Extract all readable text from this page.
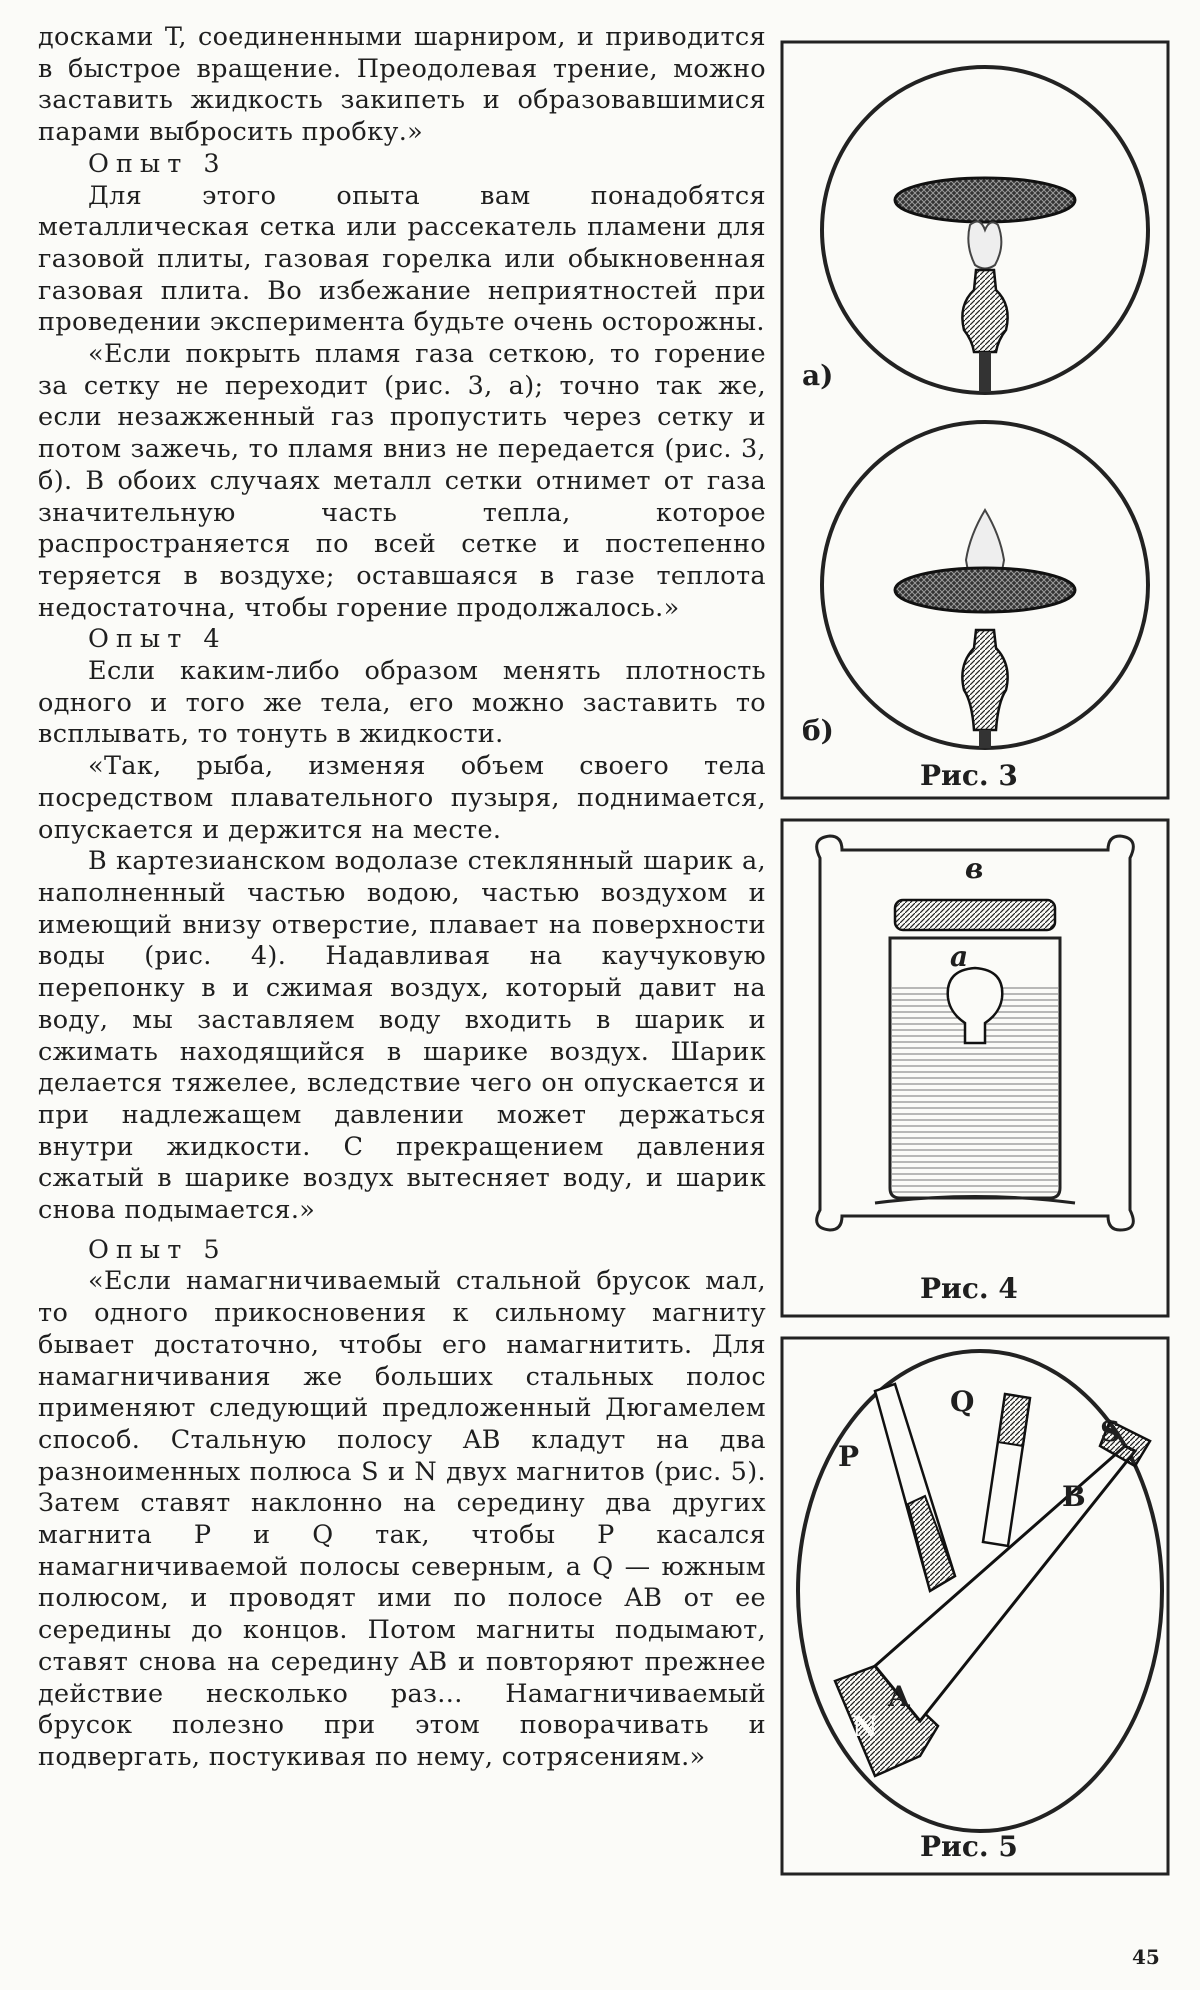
досками T, соединенными шарниром, и приводится в быстрое вращение. Преодолевая трение, можно заставить жидкость закипеть и образовавшимися парами выбросить пробку.»

Опыт 3

Для этого опыта вам понадобятся металлическая сетка или рассекатель пламени для газовой плиты, газовая горелка или обыкновенная газовая плита. Во избежание неприятностей при проведении эксперимента будьте очень осторожны.

«Если покрыть пламя газа сеткою, то горение за сетку не переходит (рис. 3, а); точно так же, если незажженный газ пропустить через сетку и потом зажечь, то пламя вниз не передается (рис. 3, б). В обоих случаях металл сетки отнимет от газа значительную часть тепла, которое распространяется по всей сетке и постепенно теряется в воздухе; оставшаяся в газе теплота недостаточна, чтобы горение продолжалось.»

Опыт 4

Если каким-либо образом менять плотность одного и того же тела, его можно заставить то всплывать, то тонуть в жидкости.

«Так, рыба, изменяя объем своего тела посредством плавательного пузыря, поднимается, опускается и держится на месте.

В картезианском водолазе стеклянный шарик а, наполненный частью водою, частью воздухом и имеющий внизу отверстие, плавает на поверхности воды (рис. 4). Надавливая на каучуковую перепонку в и сжимая воздух, который давит на воду, мы заставляем воду входить в шарик и сжимать находящийся в шарике воздух. Шарик делается тяжелее, вследствие чего он опускается и при надлежащем давлении может держаться внутри жидкости. С прекращением давления сжатый в шарике воздух вытесняет воду, и шарик снова подымается.»

Опыт 5

«Если намагничиваемый стальной брусок мал, то одного прикосновения к сильному магниту бывает достаточно, чтобы его намагнитить. Для намагничивания же больших стальных полос применяют следующий предложенный Дюгамелем способ. Стальную полосу AB кладут на два разноименных полюса S и N двух магнитов (рис. 5). Затем ставят наклонно на середину два других магнита P и Q так, чтобы P касался намагничиваемой полосы северным, а Q — южным полюсом, и проводят ими по полосе AB от ее середины до концов. Потом магниты подымают, ставят снова на середину AB и повторяют прежнее действие несколько раз... Намагничиваемый брусок полезно при этом поворачивать и подвергать, постукивая по нему, сотрясениям.»

а)
б)
Рис. 3
в
а
Рис. 4
P
Q
A
B
S
N
Рис. 5
45
